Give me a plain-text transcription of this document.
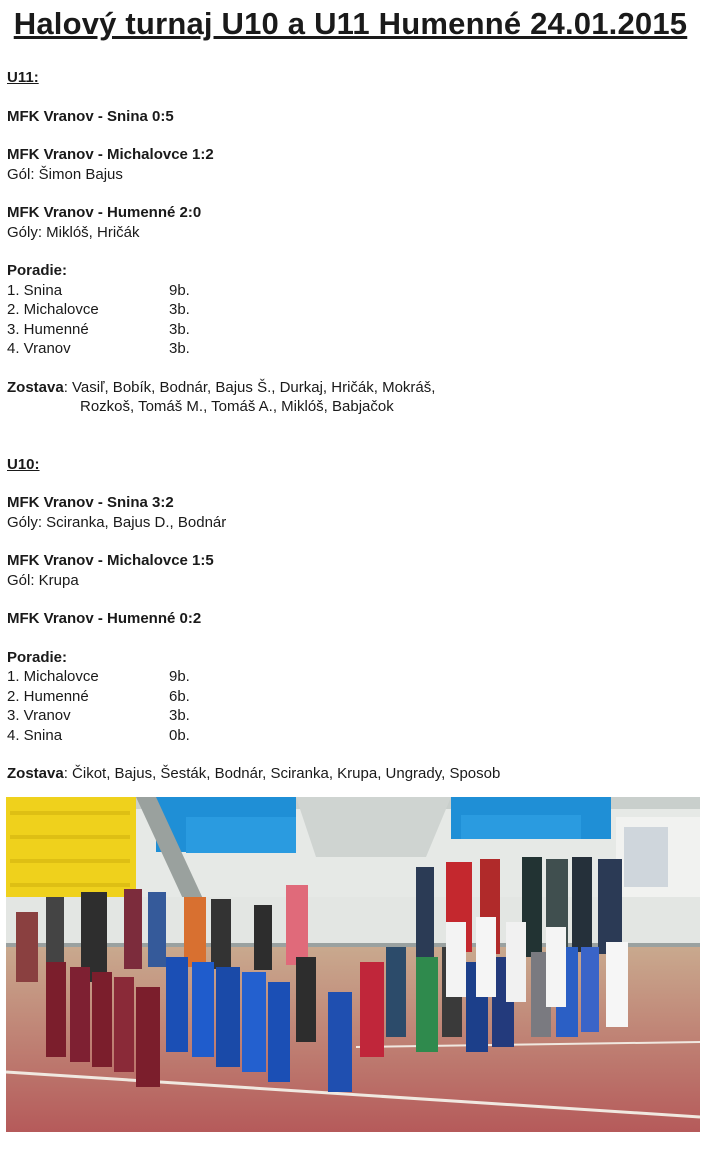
Halový turnaj U10 a U11 Humenné 24.01.2015
U11:
MFK Vranov - Snina 0:5
MFK Vranov - Michalovce 1:2
Gól: Šimon Bajus
MFK Vranov - Humenné 2:0
Góly: Miklóš, Hričák
Poradie:
1. Snina	9b.
2. Michalovce	3b.
3. Humenné	3b.
4. Vranov	3b.
Zostava: Vasiľ, Bobík, Bodnár, Bajus Š., Durkaj, Hričák, Mokráš,
Rozkoš, Tomáš M., Tomáš A., Miklóš, Babjačok
U10:
MFK Vranov - Snina 3:2
Góly: Sciranka, Bajus D., Bodnár
MFK Vranov - Michalovce 1:5
Gól: Krupa
MFK Vranov - Humenné 0:2
Poradie:
1. Michalovce	9b.
2. Humenné	6b.
3. Vranov	3b.
4. Snina	0b.
Zostava: Čikot, Bajus, Šesták, Bodnár, Sciranka, Krupa, Ungrady, Sposob
